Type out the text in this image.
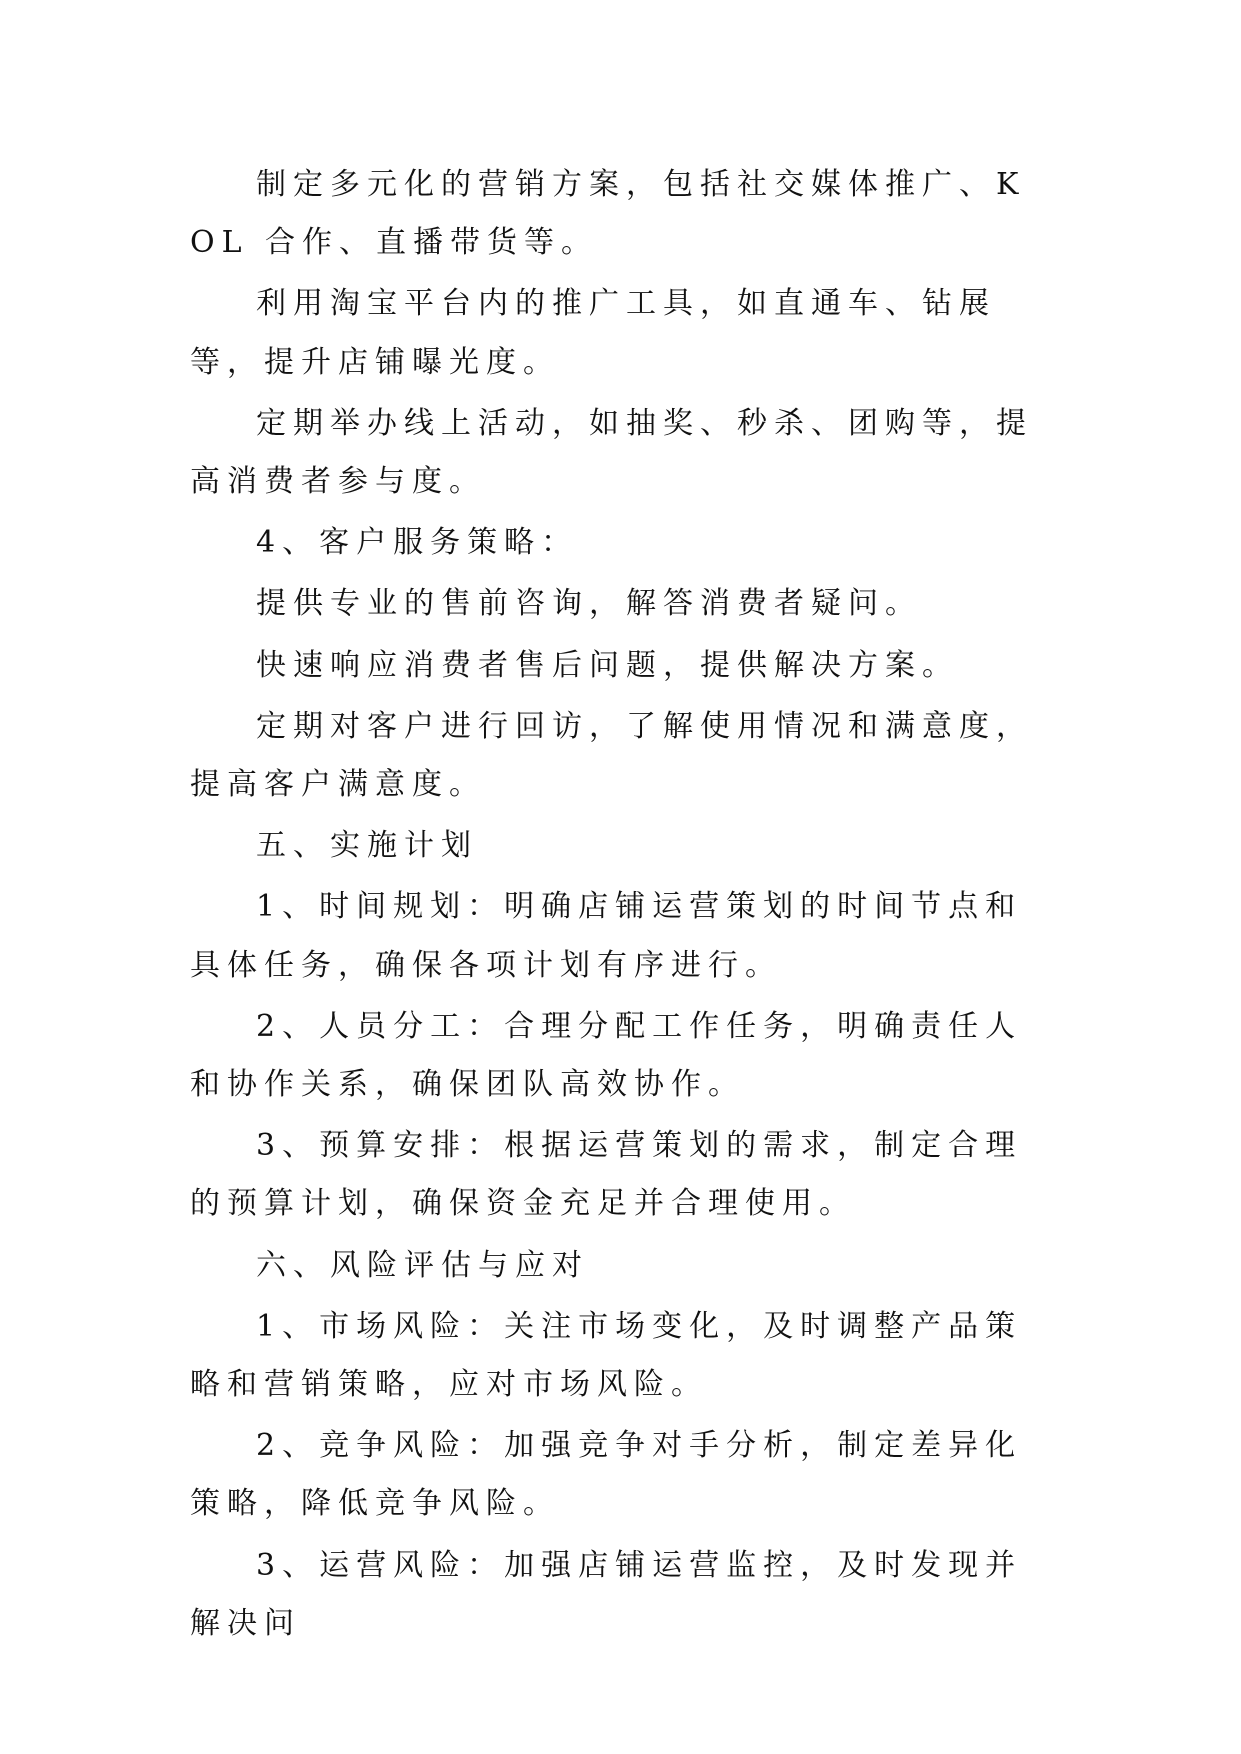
制定多元化的营销方案，包括社交媒体推广、KOL 合作、直播带货等。

利用淘宝平台内的推广工具，如直通车、钻展等，提升店铺曝光度。

定期举办线上活动，如抽奖、秒杀、团购等，提高消费者参与度。

4、客户服务策略：

提供专业的售前咨询，解答消费者疑问。

快速响应消费者售后问题，提供解决方案。

定期对客户进行回访，了解使用情况和满意度，提高客户满意度。

五、实施计划

1、时间规划：明确店铺运营策划的时间节点和具体任务，确保各项计划有序进行。

2、人员分工：合理分配工作任务，明确责任人和协作关系，确保团队高效协作。

3、预算安排：根据运营策划的需求，制定合理的预算计划，确保资金充足并合理使用。

六、风险评估与应对

1、市场风险：关注市场变化，及时调整产品策略和营销策略，应对市场风险。

2、竞争风险：加强竞争对手分析，制定差异化策略，降低竞争风险。

3、运营风险：加强店铺运营监控，及时发现并解决问
